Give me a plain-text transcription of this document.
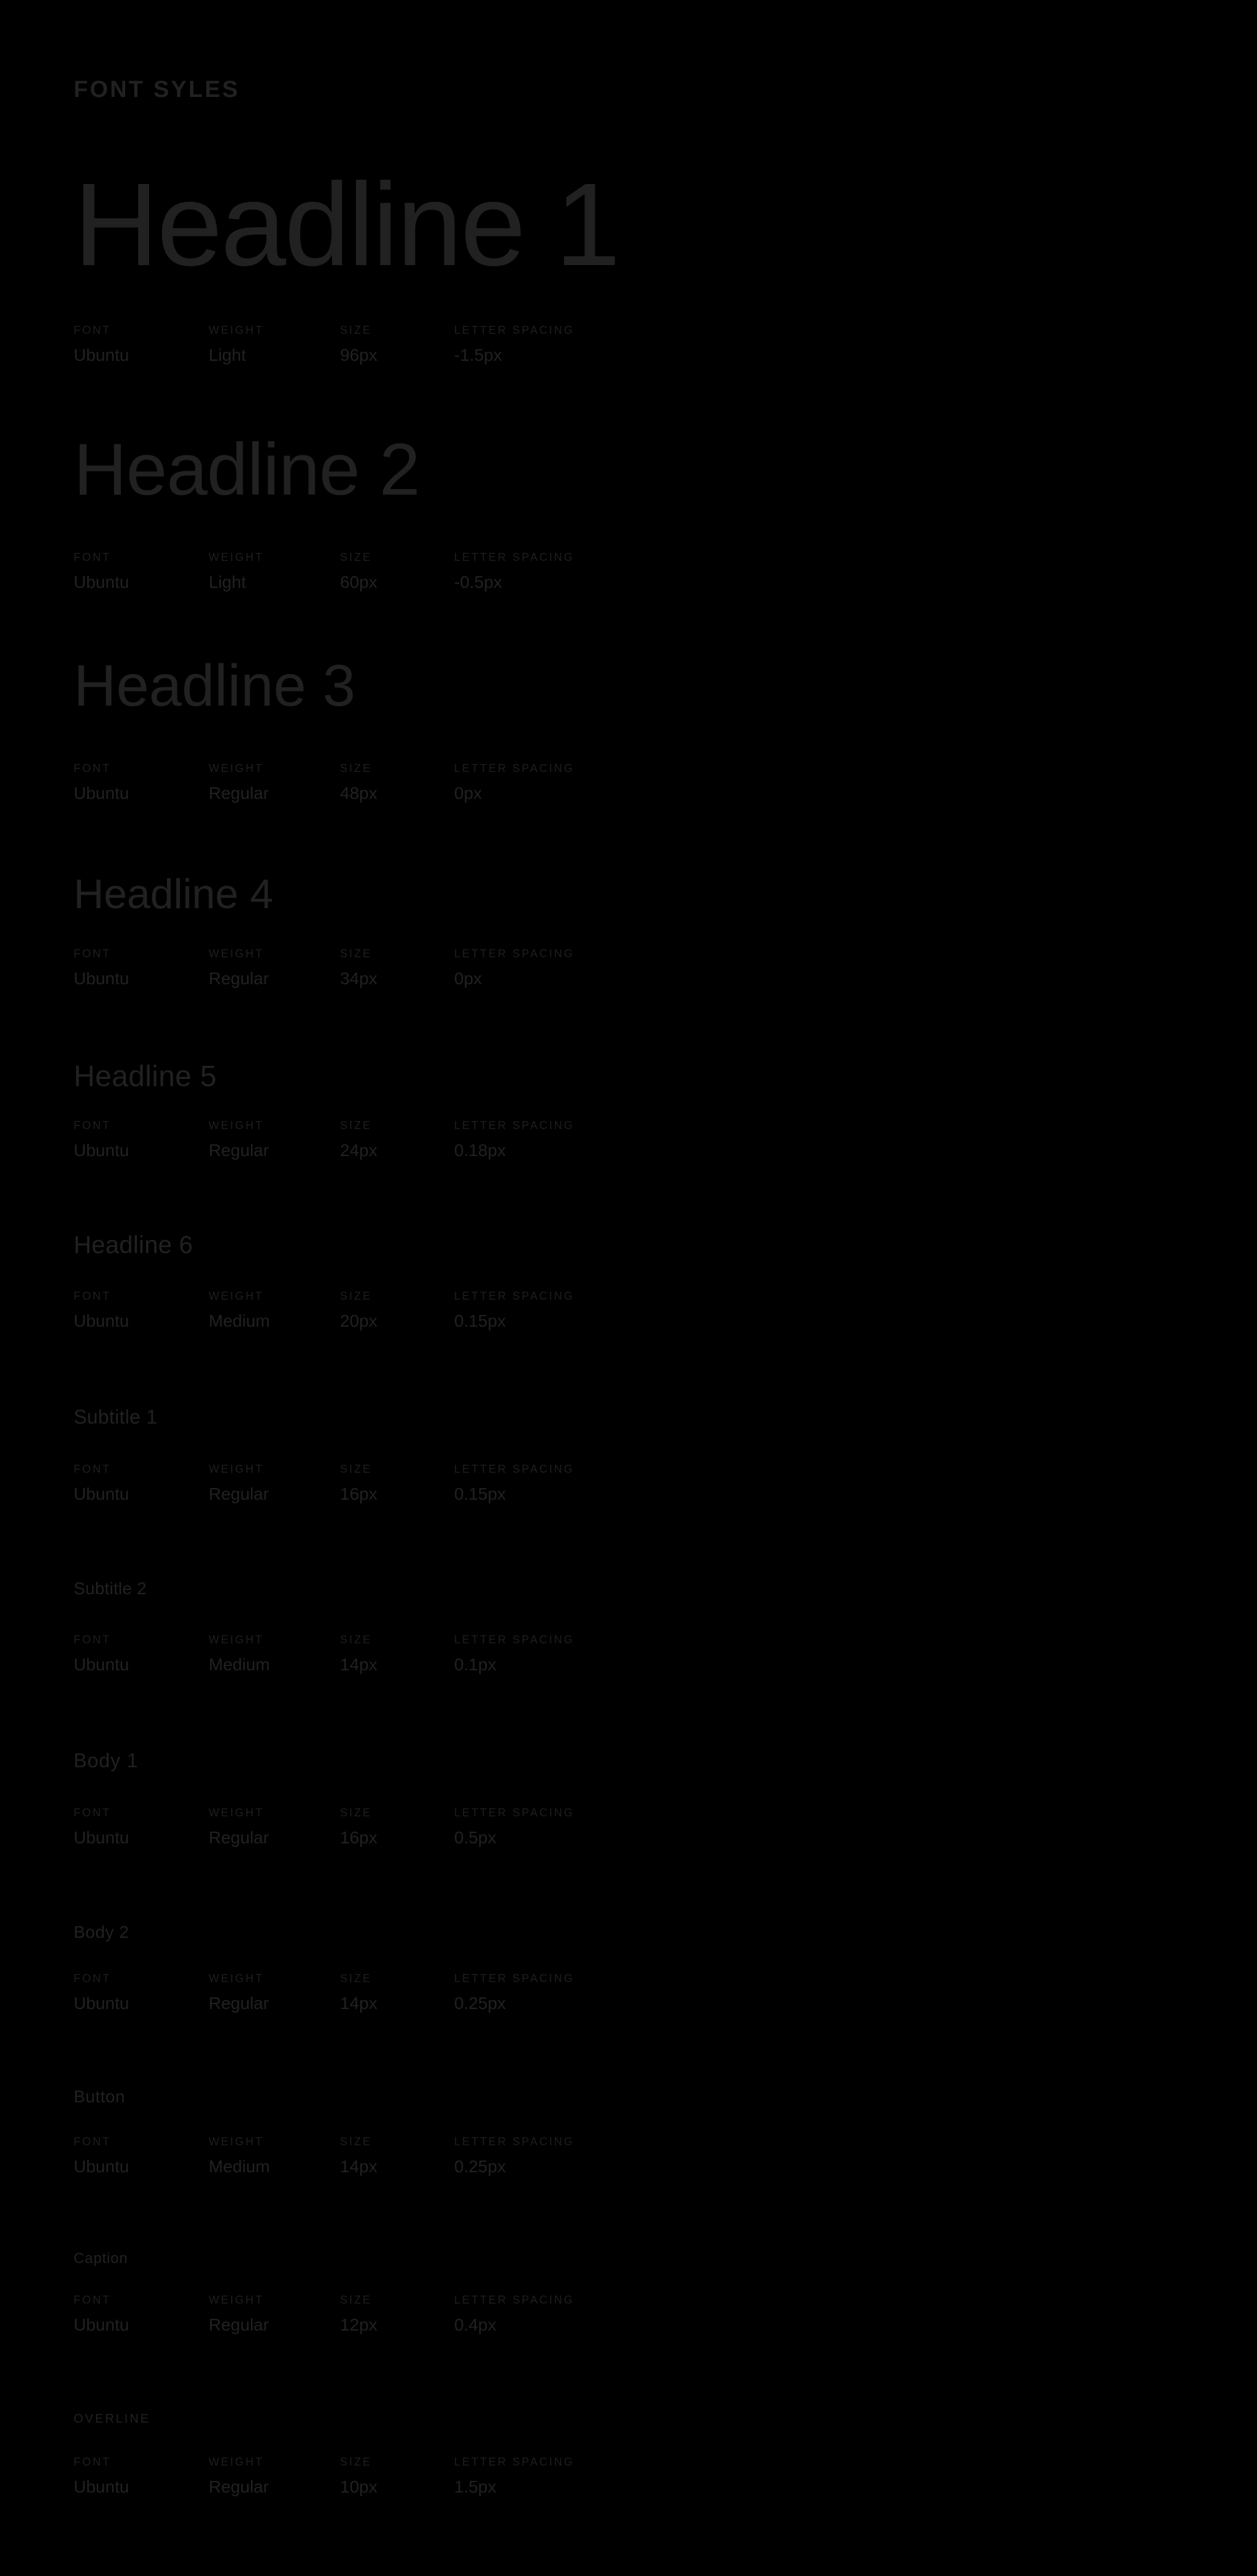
FONT SYLES
Headline 1
FONT
Ubuntu
WEIGHT
Light
SIZE
96px
LETTER SPACING
-1.5px
Headline 2
FONT
Ubuntu
WEIGHT
Light
SIZE
60px
LETTER SPACING
-0.5px
Headline 3
FONT
Ubuntu
WEIGHT
Regular
SIZE
48px
LETTER SPACING
0px
Headline 4
FONT
Ubuntu
WEIGHT
Regular
SIZE
34px
LETTER SPACING
0px
Headline 5
FONT
Ubuntu
WEIGHT
Regular
SIZE
24px
LETTER SPACING
0.18px
Headline 6
FONT
Ubuntu
WEIGHT
Medium
SIZE
20px
LETTER SPACING
0.15px
Subtitle 1
FONT
Ubuntu
WEIGHT
Regular
SIZE
16px
LETTER SPACING
0.15px
Subtitle 2
FONT
Ubuntu
WEIGHT
Medium
SIZE
14px
LETTER SPACING
0.1px
Body 1
FONT
Ubuntu
WEIGHT
Regular
SIZE
16px
LETTER SPACING
0.5px
Body 2
FONT
Ubuntu
WEIGHT
Regular
SIZE
14px
LETTER SPACING
0.25px
Button
FONT
Ubuntu
WEIGHT
Medium
SIZE
14px
LETTER SPACING
0.25px
Caption
FONT
Ubuntu
WEIGHT
Regular
SIZE
12px
LETTER SPACING
0.4px
OVERLINE
FONT
Ubuntu
WEIGHT
Regular
SIZE
10px
LETTER SPACING
1.5px
